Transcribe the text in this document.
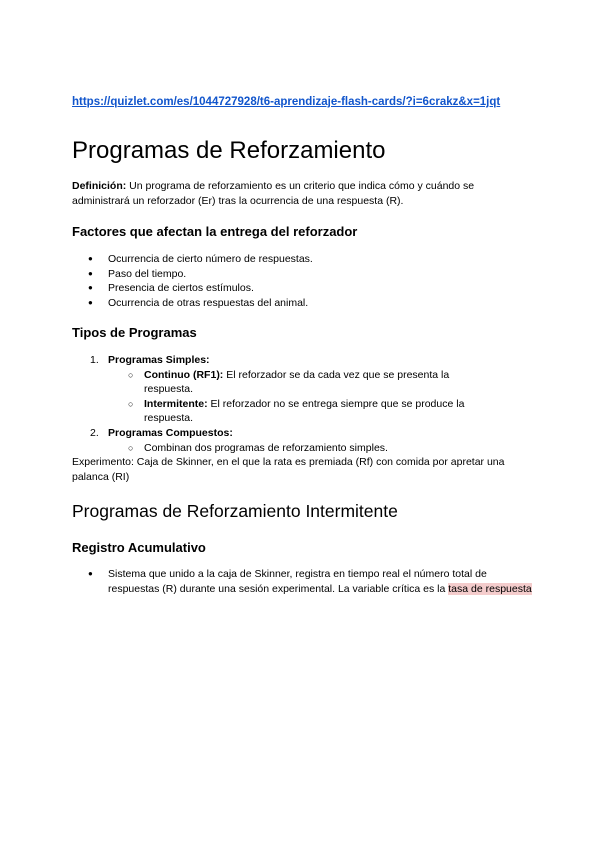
https://quizlet.com/es/1044727928/t6-aprendizaje-flash-cards/?i=6crakz&x=1jqt
Programas de Reforzamiento

Definición: Un programa de reforzamiento es un criterio que indica cómo y cuándo se administrará un reforzador (Er) tras la ocurrencia de una respuesta (R).

Factores que afectan la entrega del reforzador
● Ocurrencia de cierto número de respuestas.
● Paso del tiempo.
● Presencia de ciertos estímulos.
● Ocurrencia de otras respuestas del animal.
Tipos de Programas
1. Programas Simples:
○ Continuo (RF1): El reforzador se da cada vez que se presenta la respuesta.
○ Intermitente: El reforzador no se entrega siempre que se produce la respuesta.
2. Programas Compuestos:
○ Combinan dos programas de reforzamiento simples.

Experimento: Caja de Skinner, en el que la rata es premiada (Rf) con comida por apretar una palanca (RI)

Programas de Reforzamiento Intermitente
Registro Acumulativo
● Sistema que unido a la caja de Skinner, registra en tiempo real el número total de respuestas (R) durante una sesión experimental. La variable crítica es la tasa de respuesta
